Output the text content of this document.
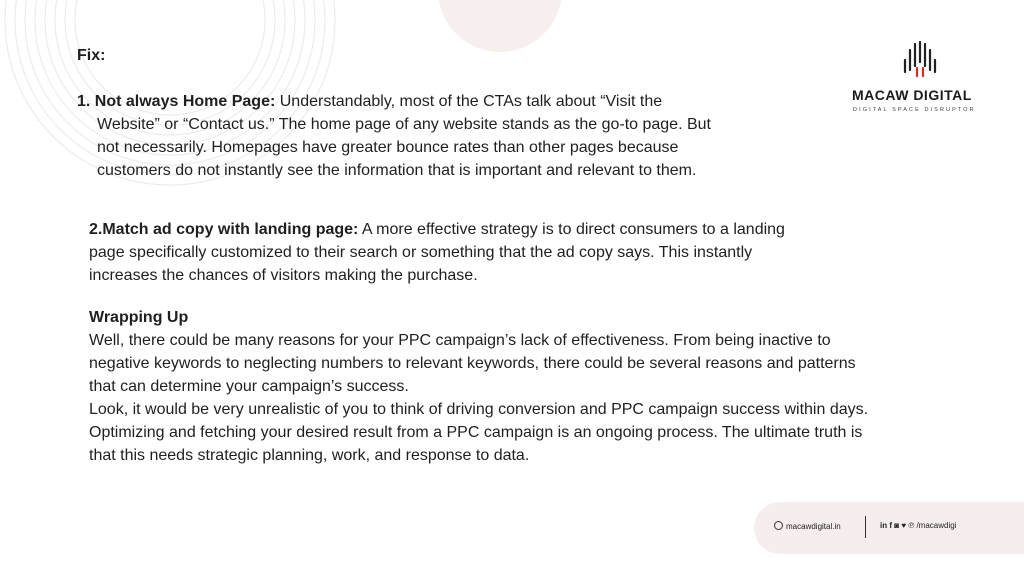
Fix:
1. Not always Home Page: Understandably, most of the CTAs talk about “Visit the
Website” or “Contact us.” The home page of any website stands as the go-to page. But
not necessarily. Homepages have greater bounce rates than other pages because
customers do not instantly see the information that is important and relevant to them.
2.Match ad copy with landing page: A more effective strategy is to direct consumers to a landing
page specifically customized to their search or something that the ad copy says. This instantly
increases the chances of visitors making the purchase.
Wrapping Up
Well, there could be many reasons for your PPC campaign’s lack of effectiveness. From being inactive to
negative keywords to neglecting numbers to relevant keywords, there could be several reasons and patterns
that can determine your campaign’s success.
Look, it would be very unrealistic of you to think of driving conversion and PPC campaign success within days.
Optimizing and fetching your desired result from a PPC campaign is an ongoing process. The ultimate truth is
that this needs strategic planning, work, and response to data.
MACAW DIGITAL
DIGITAL SPACE DISRUPTOR
macawdigital.in	in f ◙ ♥ ℗ /macawdigi
